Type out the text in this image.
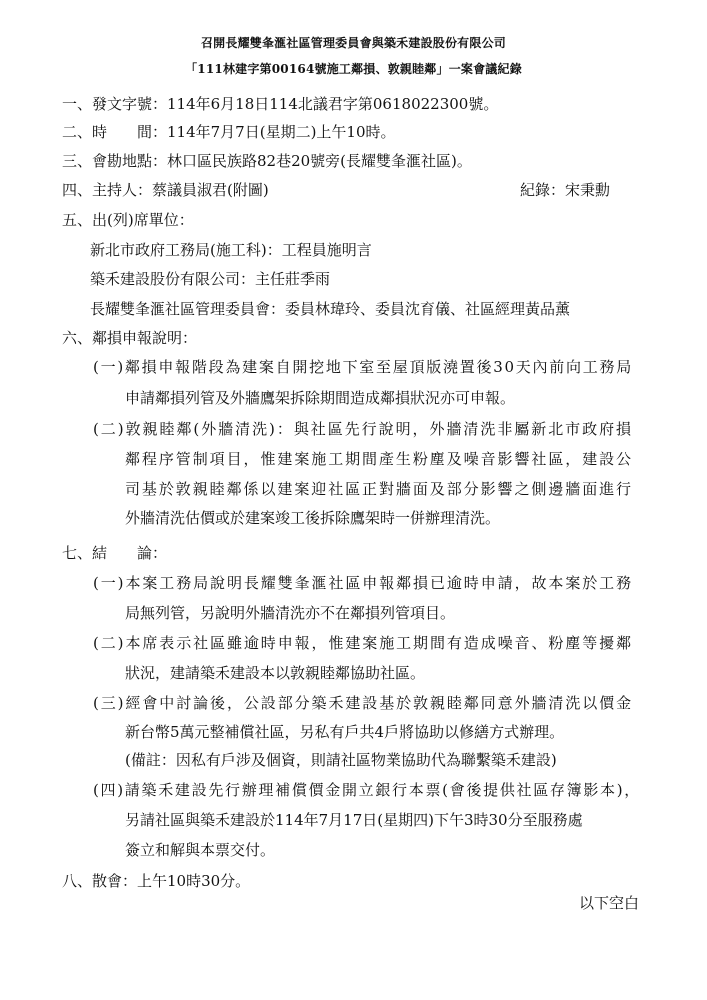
召開長耀雙夆滙社區管理委員會與築禾建設股份有限公司
「111林建字第00164號施工鄰損、敦親睦鄰」一案會議紀錄
一、發文字號：114年6月18日114北議君字第0618022300號。
二、時　　間：114年7月7日(星期二)上午10時。
三、會勘地點：林口區民族路82巷20號旁(長耀雙夆滙社區)。
四、主持人：蔡議員淑君(附圖)
五、出(列)席單位：
新北市政府工務局(施工科)：工程員施明言
築禾建設股份有限公司：主任莊季雨
長耀雙夆滙社區管理委員會：委員林瑋玲、委員沈育儀、社區經理黃品薰
六、鄰損申報說明：
(一)鄰損申報階段為建案自開挖地下室至屋頂版澆置後30天內前向工務局
申請鄰損列管及外牆鷹架拆除期間造成鄰損狀況亦可申報。
(二)敦親睦鄰(外牆清洗)：與社區先行說明，外牆清洗非屬新北市政府損
鄰程序管制項目，惟建案施工期間產生粉塵及噪音影響社區，建設公
司基於敦親睦鄰係以建案迎社區正對牆面及部分影響之側邊牆面進行
外牆清洗估價或於建案竣工後拆除鷹架時一併辦理清洗。
七、結　　論：
(一)本案工務局說明長耀雙夆滙社區申報鄰損已逾時申請，故本案於工務
局無列管，另說明外牆清洗亦不在鄰損列管項目。
(二)本席表示社區雖逾時申報，惟建案施工期間有造成噪音、粉塵等擾鄰
狀況，建請築禾建設本以敦親睦鄰協助社區。
(三)經會中討論後，公設部分築禾建設基於敦親睦鄰同意外牆清洗以價金
新台幣5萬元整補償社區，另私有戶共4戶將協助以修繕方式辦理。
(備註：因私有戶涉及個資，則請社區物業協助代為聯繫築禾建設)
(四)請築禾建設先行辦理補償價金開立銀行本票(會後提供社區存簿影本)，
另請社區與築禾建設於114年7月17日(星期四)下午3時30分至服務處
簽立和解與本票交付。
八、散會：上午10時30分。
紀錄：宋秉勳
以下空白
